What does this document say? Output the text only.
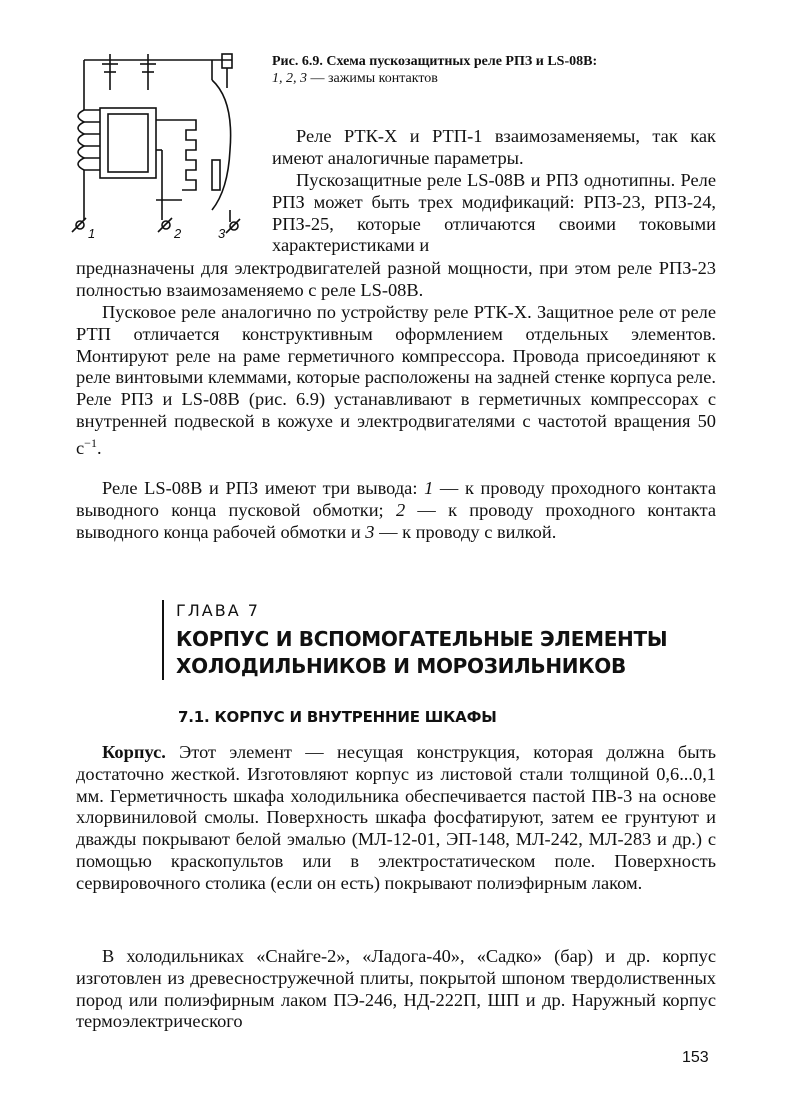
1	2	3
Рис. 6.9. Схема пускозащитных реле РПЗ и LS-08В:
1, 2, 3 — зажимы контактов

Реле РТК-Х и РТП-1 взаимозаменяемы, так как имеют аналогичные параметры.

Пускозащитные реле LS-08В и РПЗ однотипны. Реле РПЗ может быть трех модификаций: РПЗ-23, РПЗ-24, РПЗ-25, которые отличаются своими токовыми характеристиками и

предназначены для электродвигателей разной мощности, при этом реле РПЗ-23 полностью взаимозаменяемо с реле LS-08В.

Пусковое реле аналогично по устройству реле РТК-Х. Защитное реле от реле РТП отличается конструктивным оформлением отдельных элементов. Монтируют реле на раме герметичного компрессора. Провода присоединяют к реле винтовыми клеммами, которые расположены на задней стенке корпуса реле. Реле РПЗ и LS-08В (рис. 6.9) устанавливают в герметичных компрессорах с внутренней подвеской в кожухе и электродвигателями с частотой вращения 50 $с^{-1}$.

Реле LS-08В и РПЗ имеют три вывода: 1 — к проводу проходного контакта выводного конца пусковой обмотки; 2 — к проводу проходного контакта выводного конца рабочей обмотки и 3 — к проводу с вилкой.

ГЛАВА 7
КОРПУС И ВСПОМОГАТЕЛЬНЫЕ ЭЛЕМЕНТЫ
ХОЛОДИЛЬНИКОВ И МОРОЗИЛЬНИКОВ
7.1. КОРПУС И ВНУТРЕННИЕ ШКАФЫ

Корпус. Этот элемент — несущая конструкция, которая должна быть достаточно жесткой. Изготовляют корпус из листовой стали толщиной 0,6...0,1 мм. Герметичность шкафа холодильника обеспечивается пастой ПВ-3 на основе хлорвиниловой смолы. Поверхность шкафа фосфатируют, затем ее грунтуют и дважды покрывают белой эмалью (МЛ-12-01, ЭП-148, МЛ-242, МЛ-283 и др.) с помощью краскопультов или в электростатическом поле. Поверхность сервировочного столика (если он есть) покрывают полиэфирным лаком.

В холодильниках «Снайге-2», «Ладога-40», «Садко» (бар) и др. корпус изготовлен из древесностружечной плиты, покрытой шпоном твердолиственных пород или полиэфирным лаком ПЭ-246, НД-222П, ШП и др. Наружный корпус термоэлектрического

153
